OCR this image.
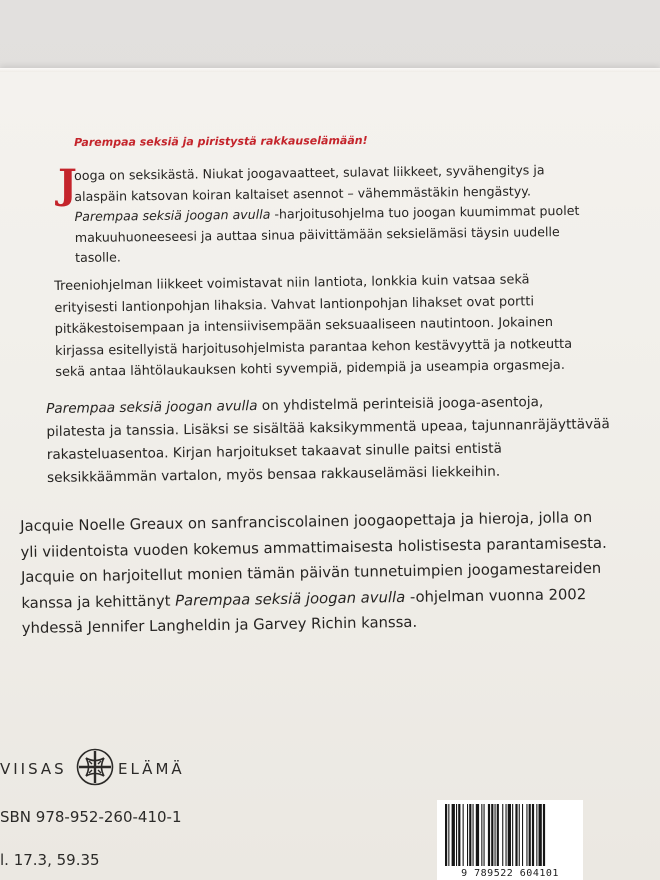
Parempaa seksiä ja piristystä rakkauselämään!
J
ooga on seksikästä. Niukat joogavaatteet, sulavat liikkeet, syvähengitys ja
alaspäin katsovan koiran kaltaiset asennot – vähemmästäkin hengästyy.
Parempaa seksiä joogan avulla -harjoitusohjelma tuo joogan kuumimmat puolet
makuuhuoneeseesi ja auttaa sinua päivittämään seksielämäsi täysin uudelle
tasolle.
Treeniohjelman liikkeet voimistavat niin lantiota, lonkkia kuin vatsaa sekä
erityisesti lantionpohjan lihaksia. Vahvat lantionpohjan lihakset ovat portti
pitkäkestoisempaan ja intensiivisempään seksuaaliseen nautintoon. Jokainen
kirjassa esitellyistä harjoitusohjelmista parantaa kehon kestävyyttä ja notkeutta
sekä antaa lähtölaukauksen kohti syvempiä, pidempiä ja useampia orgasmeja.
Parempaa seksiä joogan avulla on yhdistelmä perinteisiä jooga-asentoja,
pilatesta ja tanssia. Lisäksi se sisältää kaksikymmentä upeaa, tajunnanräjäyttävää
rakasteluasentoa. Kirjan harjoitukset takaavat sinulle paitsi entistä
seksikkäämmän vartalon, myös bensaa rakkauselämäsi liekkeihin.
Jacquie Noelle Greaux on sanfranciscolainen joogaopettaja ja hieroja, jolla on
yli viidentoista vuoden kokemus ammattimaisesta holistisesta parantamisesta.
Jacquie on harjoitellut monien tämän päivän tunnetuimpien joogamestareiden
kanssa ja kehittänyt Parempaa seksiä joogan avulla -ohjelman vuonna 2002
yhdessä Jennifer Langheldin ja Garvey Richin kanssa.
VIISAS	ELÄMÄ
SBN 978-952-260-410-1
l. 17.3, 59.35
9 789522 604101
